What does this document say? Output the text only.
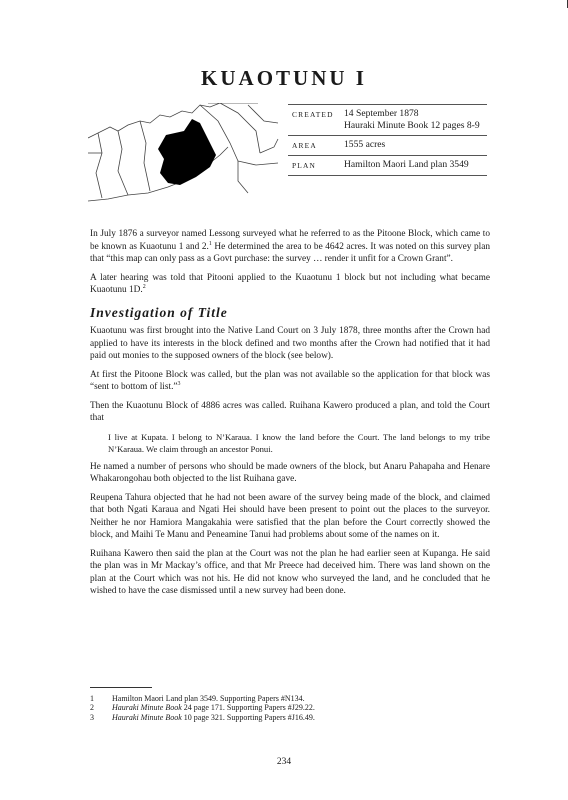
KUAOTUNU I
CREATED	14 September 1878
Hauraki Minute Book 12 pages 8-9
AREA	1555 acres
PLAN	Hamilton Maori Land plan 3549

In July 1876 a surveyor named Lessong surveyed what he referred to as the Pitoone Block, which came to be known as Kuaotunu 1 and 2.$^1$ He determined the area to be 4642 acres. It was noted on this survey plan that “this map can only pass as a Govt purchase: the survey … render it unfit for a Crown Grant”.

A later hearing was told that Pitooni applied to the Kuaotunu 1 block but not including what became Kuaotunu 1D.$^2$

Investigation of Title

Kuaotunu was first brought into the Native Land Court on 3 July 1878, three months after the Crown had applied to have its interests in the block defined and two months after the Crown had notified that it had paid out monies to the supposed owners of the block (see below).

At first the Pitoone Block was called, but the plan was not available so the application for that block was “sent to bottom of list.”$^3$

Then the Kuaotunu Block of 4886 acres was called. Ruihana Kawero produced a plan, and told the Court that

I live at Kupata. I belong to N’Karaua. I know the land before the Court. The land belongs to my tribe N’Karaua. We claim through an ancestor Ponui.

He named a number of persons who should be made owners of the block, but Anaru Pahapaha and Henare Whakarongohau both objected to the list Ruihana gave.

Reupena Tahura objected that he had not been aware of the survey being made of the block, and claimed that both Ngati Karaua and Ngati Hei should have been present to point out the places to the surveyor. Neither he nor Hamiora Mangakahia were satisfied that the plan before the Court correctly showed the block, and Maihi Te Manu and Peneamine Tanui had problems about some of the names on it.

Ruihana Kawero then said the plan at the Court was not the plan he had earlier seen at Kupanga. He said the plan was in Mr Mackay’s office, and that Mr Preece had deceived him. There was land shown on the plan at the Court which was not his. He did not know who surveyed the land, and he concluded that he wished to have the case dismissed until a new survey had been done.

1	Hamilton Maori Land plan 3549. Supporting Papers #N134.
2	Hauraki Minute Book 24 page 171. Supporting Papers #J29.22.
3	Hauraki Minute Book 10 page 321. Supporting Papers #J16.49.
234
